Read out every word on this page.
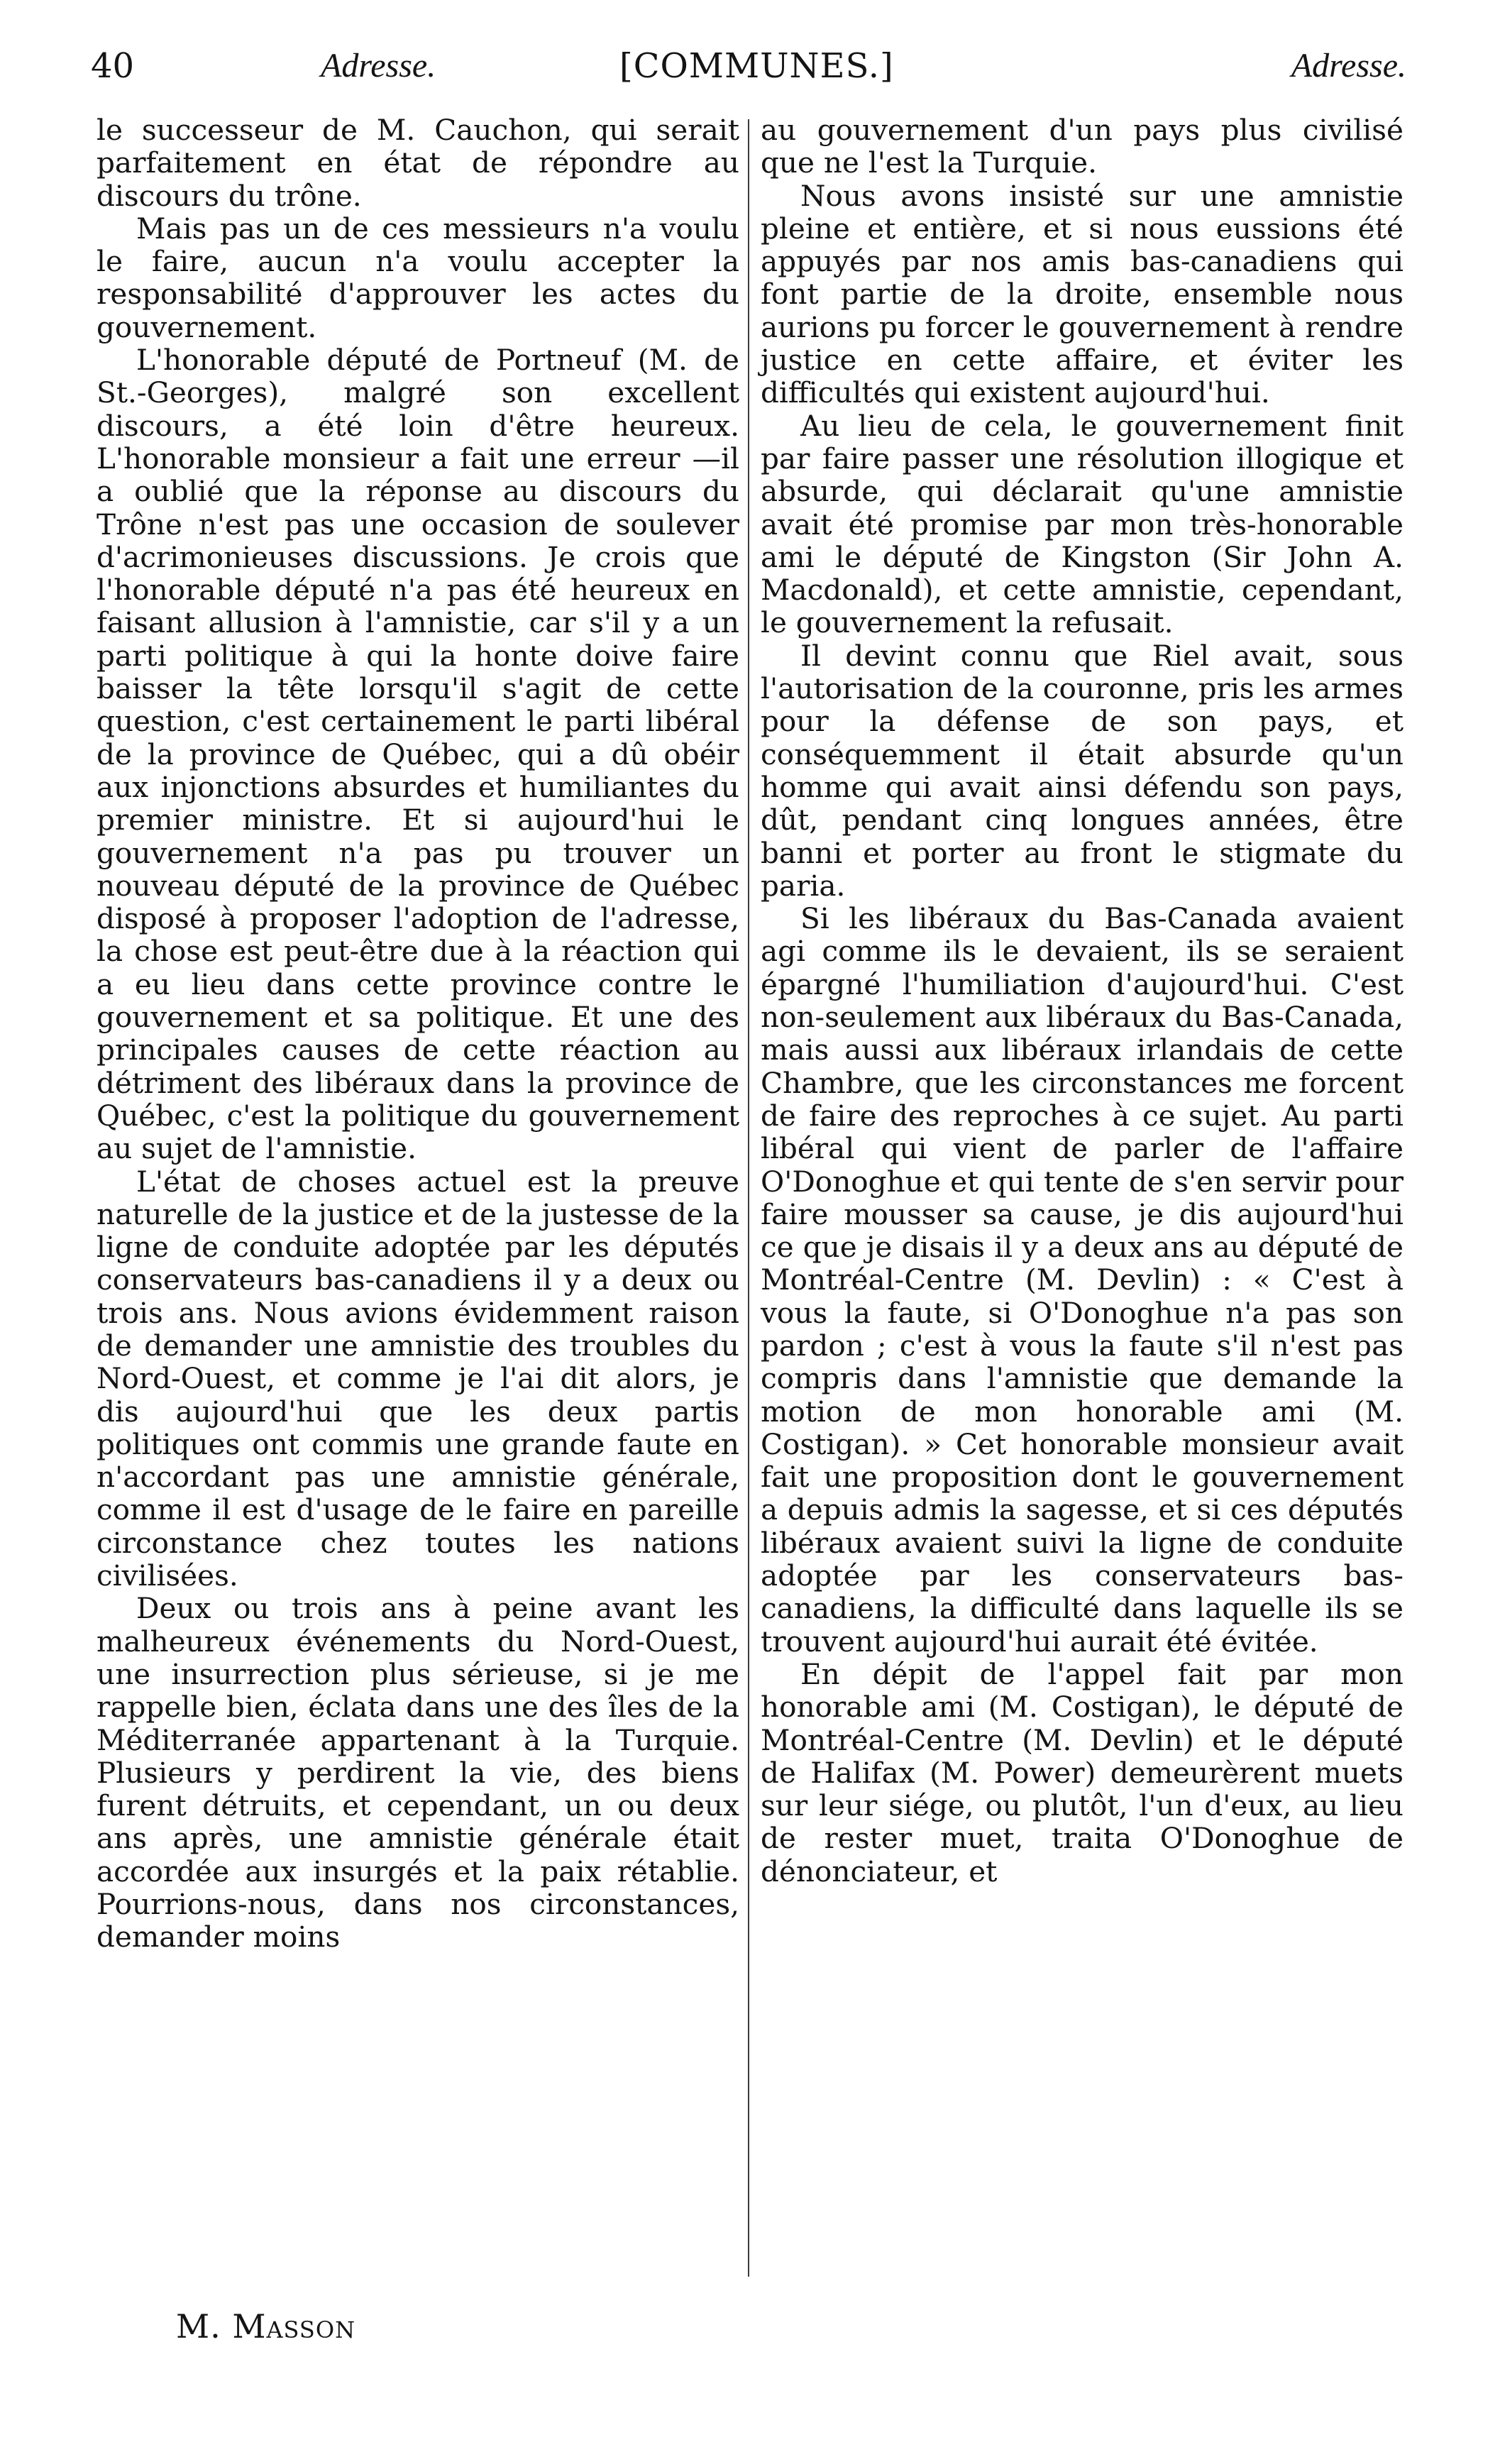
40	Adresse.	[COMMUNES.]	Adresse.

le successeur de M. Cauchon, qui serait parfaitement en état de répondre au discours du trône.

Mais pas un de ces messieurs n'a voulu le faire, aucun n'a voulu accepter la responsabilité d'approuver les actes du gouvernement.

L'honorable député de Portneuf (M. de St.-Georges), malgré son excellent discours, a été loin d'être heureux. L'honorable monsieur a fait une erreur —il a oublié que la réponse au discours du Trône n'est pas une occasion de soulever d'acrimonieuses discussions. Je crois que l'honorable député n'a pas été heureux en faisant allusion à l'amnistie, car s'il y a un parti politique à qui la honte doive faire baisser la tête lorsqu'il s'agit de cette question, c'est certainement le parti libéral de la province de Québec, qui a dû obéir aux injonctions absurdes et humiliantes du premier ministre. Et si aujourd'hui le gouvernement n'a pas pu trouver un nouveau député de la province de Québec disposé à proposer l'adoption de l'adresse, la chose est peut-être due à la réaction qui a eu lieu dans cette province contre le gouvernement et sa politique. Et une des principales causes de cette réaction au détriment des libéraux dans la province de Québec, c'est la politique du gouvernement au sujet de l'amnistie.

L'état de choses actuel est la preuve naturelle de la justice et de la justesse de la ligne de conduite adoptée par les députés conservateurs bas-canadiens il y a deux ou trois ans. Nous avions évidemment raison de demander une amnistie des troubles du Nord-Ouest, et comme je l'ai dit alors, je dis aujourd'hui que les deux partis politiques ont commis une grande faute en n'accordant pas une amnistie générale, comme il est d'usage de le faire en pareille circonstance chez toutes les nations civilisées.

Deux ou trois ans à peine avant les malheureux événements du Nord-Ouest, une insurrection plus sérieuse, si je me rappelle bien, éclata dans une des îles de la Méditerranée appartenant à la Turquie. Plusieurs y perdirent la vie, des biens furent détruits, et cependant, un ou deux ans après, une amnistie générale était accordée aux insurgés et la paix rétablie. Pourrions-nous, dans nos circonstances, demander moins

au gouvernement d'un pays plus civilisé que ne l'est la Turquie.

Nous avons insisté sur une amnistie pleine et entière, et si nous eussions été appuyés par nos amis bas-canadiens qui font partie de la droite, ensemble nous aurions pu forcer le gouvernement à rendre justice en cette affaire, et éviter les difficultés qui existent aujourd'hui.

Au lieu de cela, le gouvernement finit par faire passer une résolution illogique et absurde, qui déclarait qu'une amnistie avait été promise par mon très-honorable ami le député de Kingston (Sir John A. Macdonald), et cette amnistie, cependant, le gouvernement la refusait.

Il devint connu que Riel avait, sous l'autorisation de la couronne, pris les armes pour la défense de son pays, et conséquemment il était absurde qu'un homme qui avait ainsi défendu son pays, dût, pendant cinq longues années, être banni et porter au front le stigmate du paria.

Si les libéraux du Bas-Canada avaient agi comme ils le devaient, ils se seraient épargné l'humiliation d'aujourd'hui. C'est non-seulement aux libéraux du Bas-Canada, mais aussi aux libéraux irlandais de cette Chambre, que les circonstances me forcent de faire des reproches à ce sujet. Au parti libéral qui vient de parler de l'affaire O'Donoghue et qui tente de s'en servir pour faire mousser sa cause, je dis aujourd'hui ce que je disais il y a deux ans au député de Montréal-Centre (M. Devlin) : « C'est à vous la faute, si O'Donoghue n'a pas son pardon ; c'est à vous la faute s'il n'est pas compris dans l'amnistie que demande la motion de mon honorable ami (M. Costigan). » Cet honorable monsieur avait fait une proposition dont le gouvernement a depuis admis la sagesse, et si ces députés libéraux avaient suivi la ligne de conduite adoptée par les conservateurs bas-canadiens, la difficulté dans laquelle ils se trouvent aujourd'hui aurait été évitée.

En dépit de l'appel fait par mon honorable ami (M. Costigan), le député de Montréal-Centre (M. Devlin) et le député de Halifax (M. Power) demeurèrent muets sur leur siége, ou plutôt, l'un d'eux, au lieu de rester muet, traita O'Donoghue de dénonciateur, et

M. Masson
